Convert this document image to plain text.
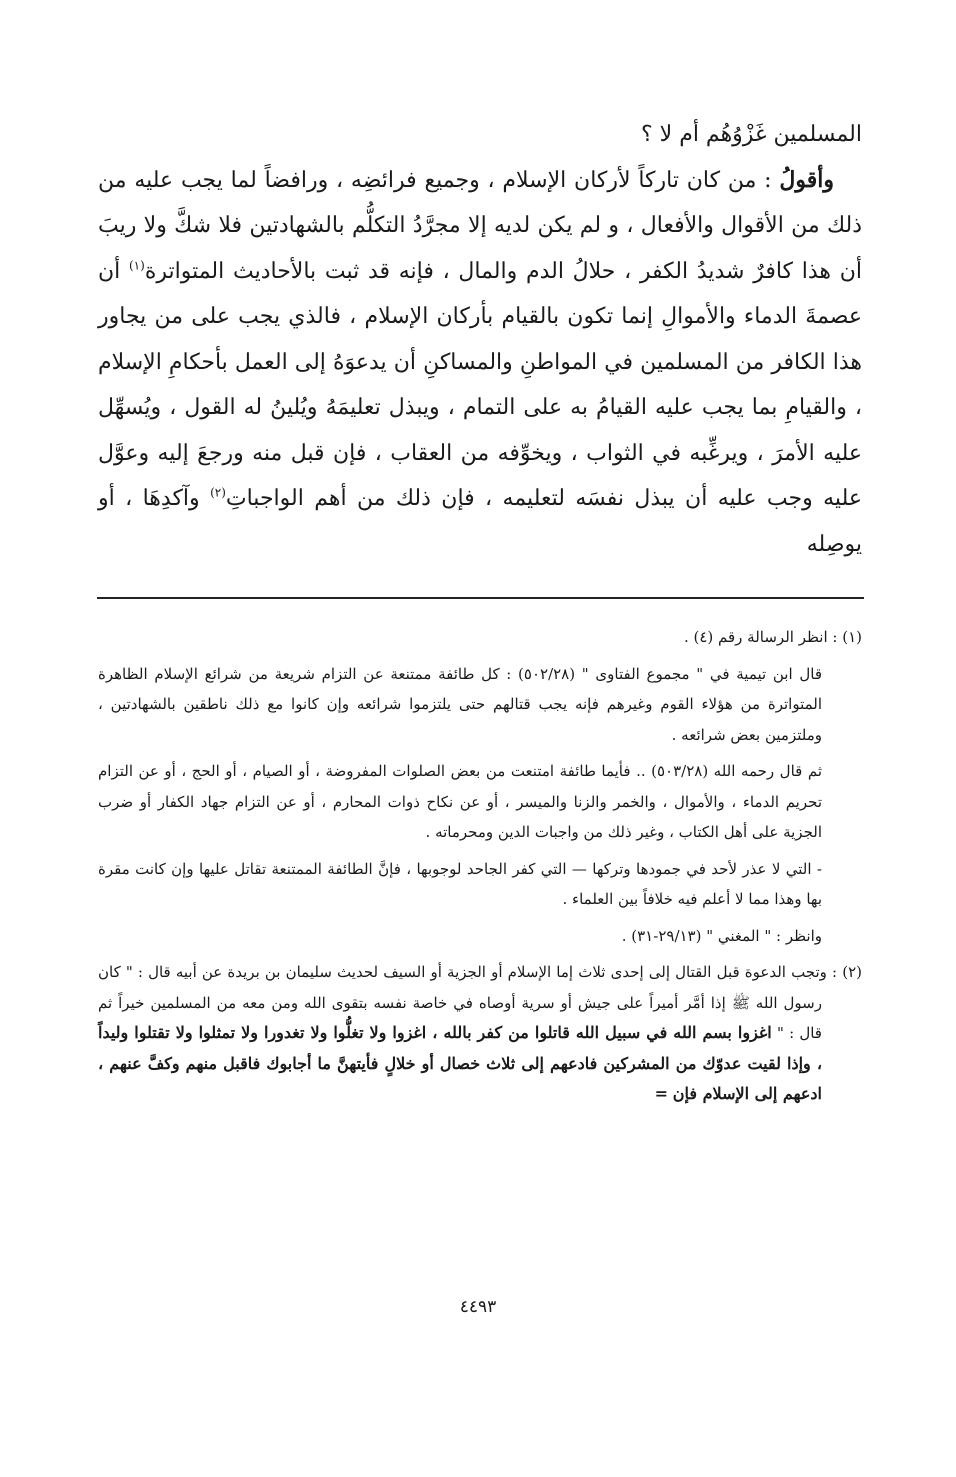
المسلمين غَزْوُهُم أم لا ؟

وأقولُ : من كان تاركاً لأركان الإسلام ، وجميع فرائضِه ، ورافضاً لما يجب عليه من ذلك من الأقوال والأفعال ، و لم يكن لديه إلا مجرَّدُ التكلُّم بالشهادتين فلا شكَّ ولا ريبَ أن هذا كافرٌ شديدُ الكفر ، حلالُ الدم والمال ، فإنه قد ثبت بالأحاديث المتواترة$^{(١)}$ أن عصمةَ الدماء والأموالِ إنما تكون بالقيام بأركان الإسلام ، فالذي يجب على من يجاور هذا الكافر من المسلمين في المواطنِ والمساكنِ أن يدعوَهُ إلى العمل بأحكامِ الإسلام ، والقيامِ بما يجب عليه القيامُ به على التمام ، ويبذل تعليمَهُ ويُلينُ له القول ، ويُسهِّل عليه الأمرَ ، ويرغِّبه في الثواب ، ويخوِّفه من العقاب ، فإن قبل منه ورجعَ إليه وعوَّل عليه وجب عليه أن يبذل نفسَه لتعليمه ، فإن ذلك من أهم الواجباتِ$^{(٢)}$ وآكدِهَا ، أو يوصِله

(١) : انظر الرسالة رقم (٤) .

قال ابن تيمية في " مجموع الفتاوى " (٥٠٢/٢٨) : كل طائفة ممتنعة عن التزام شريعة من شرائع الإسلام الظاهرة المتواترة من هؤلاء القوم وغيرهم فإنه يجب قتالهم حتى يلتزموا شرائعه وإن كانوا مع ذلك ناطقين بالشهادتين ، وملتزمين بعض شرائعه .

ثم قال رحمه الله (٥٠٣/٢٨) .. فأيما طائفة امتنعت من بعض الصلوات المفروضة ، أو الصيام ، أو الحج ، أو عن التزام تحريم الدماء ، والأموال ، والخمر والزنا والميسر ، أو عن نكاح ذوات المحارم ، أو عن التزام جهاد الكفار أو ضرب الجزية على أهل الكتاب ، وغير ذلك من واجبات الدين ومحرماته .

- التي لا عذر لأحد في جمودها وتركها — التي كفر الجاحد لوجوبها ، فإنَّ الطائفة الممتنعة تقاتل عليها وإن كانت مقرة بها وهذا مما لا أعلم فيه خلافاً بين العلماء .

وانظر : " المغني " (٢٩/١٣-٣١) .

(٢) : وتجب الدعوة قبل القتال إلى إحدى ثلاث إما الإسلام أو الجزية أو السيف لحديث سليمان بن بريدة عن أبيه قال : " كان رسول الله ﷺ إذا أمَّر أميراً على جيش أو سرية أوصاه في خاصة نفسه بتقوى الله ومن معه من المسلمين خيراً ثم قال : " اغزوا بسم الله في سبيل الله قاتلوا من كفر بالله ، اغزوا ولا تغلُّوا ولا تغدورا ولا تمثلوا ولا تقتلوا وليداً ، وإذا لقيت عدوّك من المشركين فادعهم إلى ثلاث خصال أو خلالٍ فأيتهنَّ ما أجابوك فاقبل منهم وكفَّ عنهم ، ادعهم إلى الإسلام فإن =

٤٤٩٣
